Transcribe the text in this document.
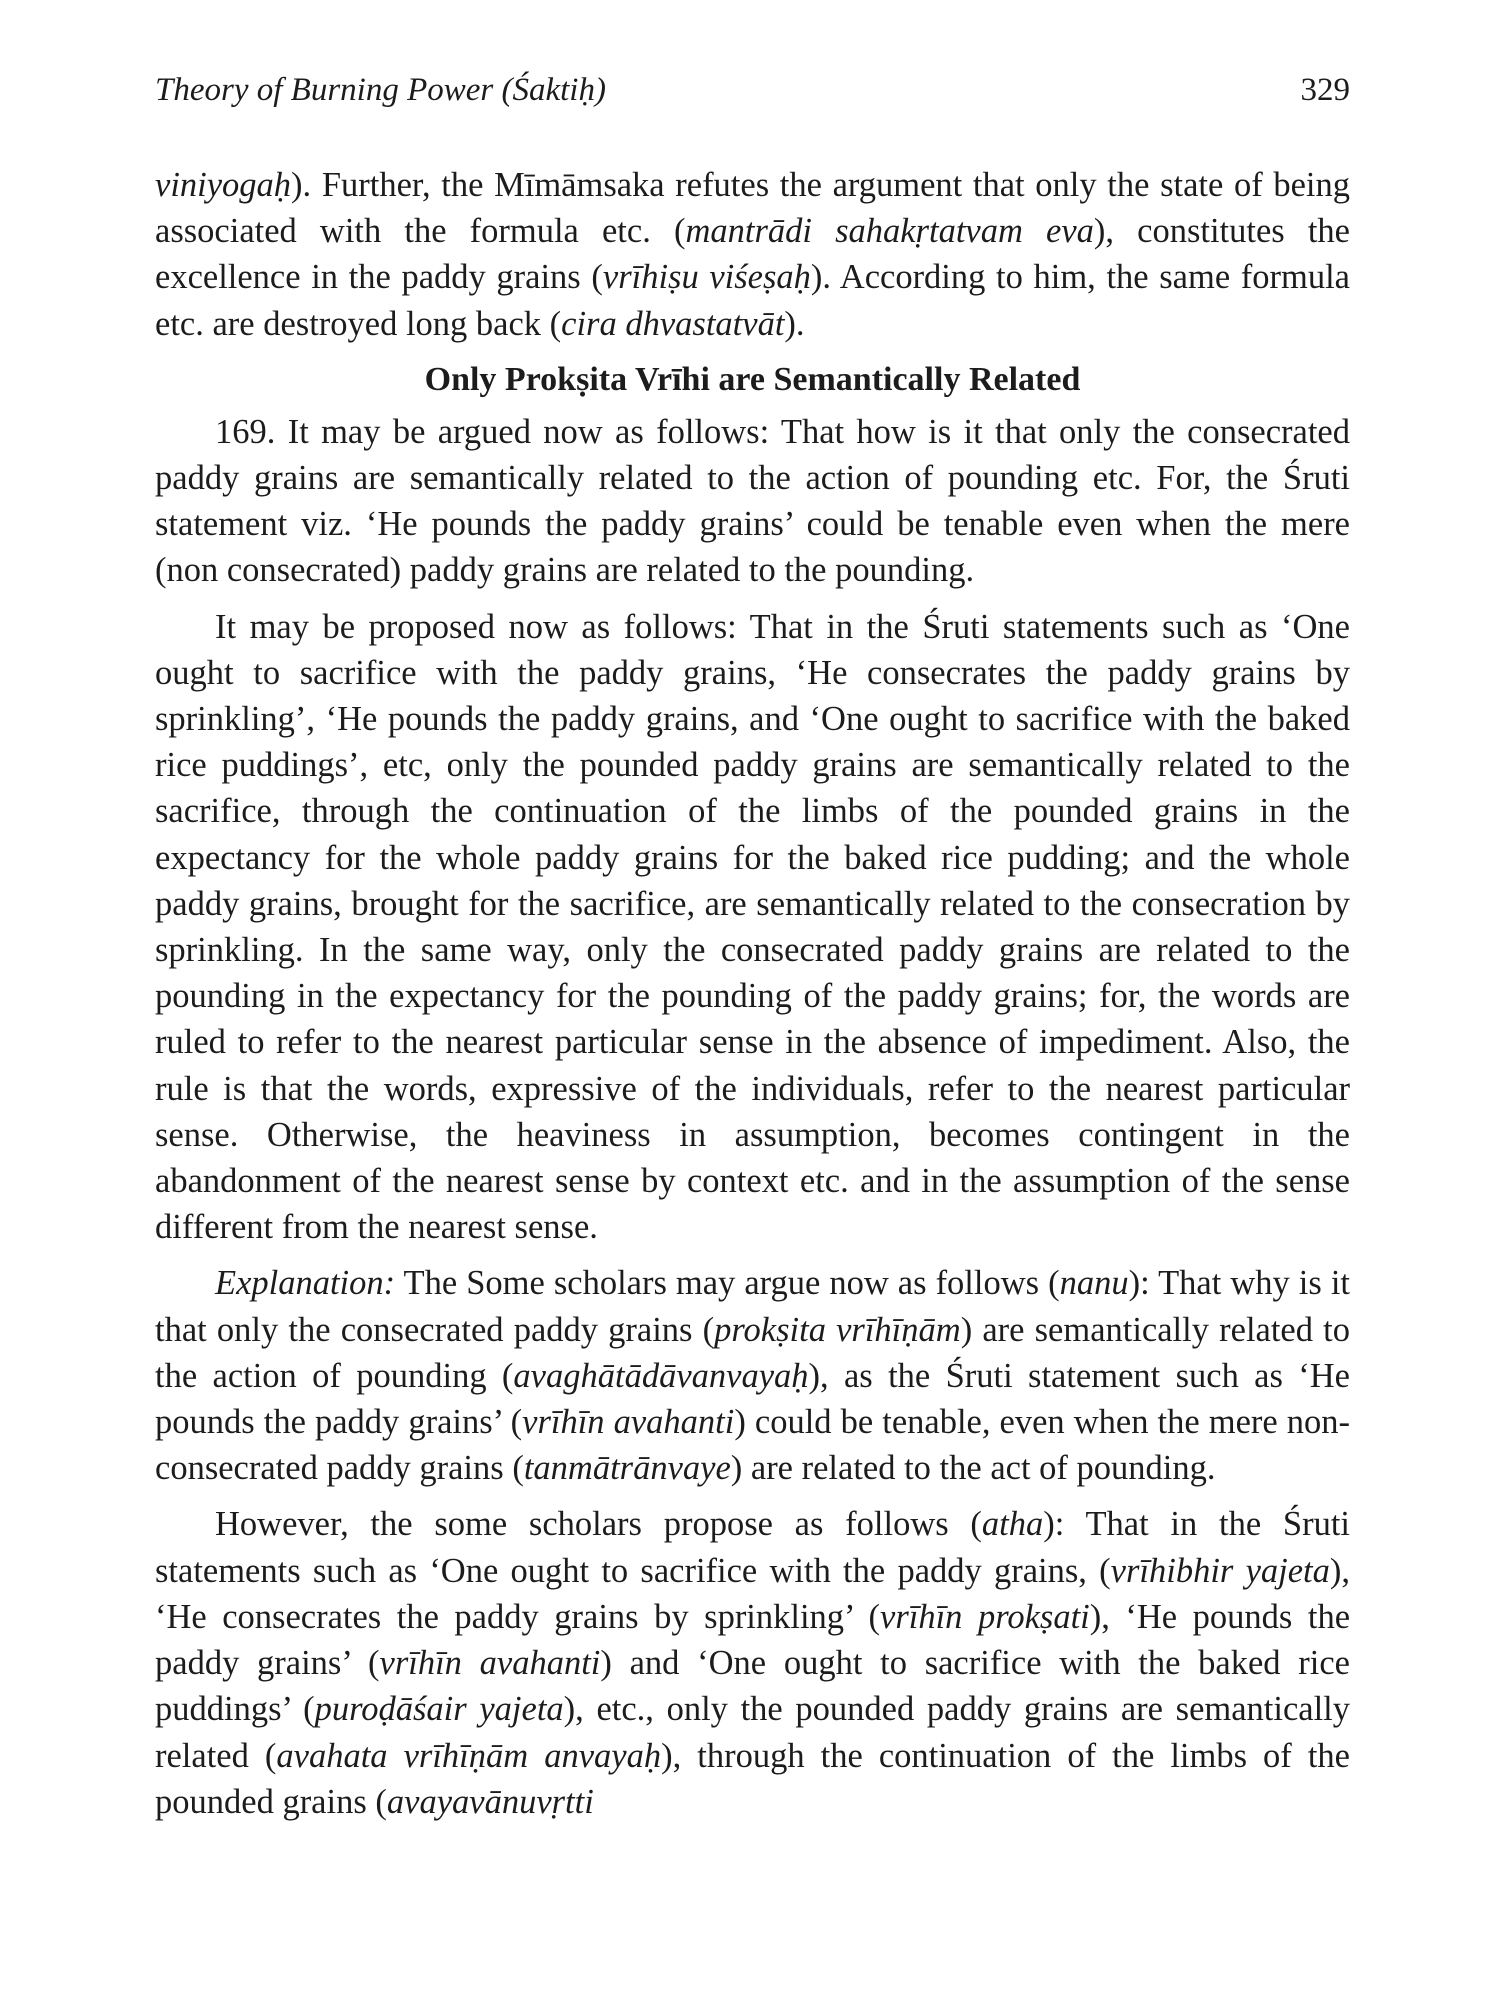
Theory of Burning Power (Śaktiḥ)	329

viniyogaḥ). Further, the Mīmāmsaka refutes the argument that only the state of being associated with the formula etc. (mantrādi sahakṛtatvam eva), constitutes the excellence in the paddy grains (vrīhiṣu viśeṣaḥ). According to him, the same formula etc. are destroyed long back (cira dhvastatvāt).

Only Prokṣita Vrīhi are Semantically Related

169. It may be argued now as follows: That how is it that only the consecrated paddy grains are semantically related to the action of pounding etc. For, the Śruti statement viz. ‘He pounds the paddy grains’ could be tenable even when the mere (non consecrated) paddy grains are related to the pounding.

It may be proposed now as follows: That in the Śruti statements such as ‘One ought to sacrifice with the paddy grains, ‘He consecrates the paddy grains by sprinkling’, ‘He pounds the paddy grains, and ‘One ought to sacrifice with the baked rice puddings’, etc, only the pounded paddy grains are semantically related to the sacrifice, through the continuation of the limbs of the pounded grains in the expectancy for the whole paddy grains for the baked rice pudding; and the whole paddy grains, brought for the sacrifice, are semantically related to the consecration by sprinkling. In the same way, only the consecrated paddy grains are related to the pounding in the expectancy for the pounding of the paddy grains; for, the words are ruled to refer to the nearest particular sense in the absence of impediment. Also, the rule is that the words, expressive of the individuals, refer to the nearest particular sense. Otherwise, the heaviness in assumption, becomes contingent in the abandonment of the nearest sense by context etc. and in the assumption of the sense different from the nearest sense.

Explanation: The Some scholars may argue now as follows (nanu): That why is it that only the consecrated paddy grains (prokṣita vrīhīṇām) are semantically related to the action of pounding (avaghātādāvanvayaḥ), as the Śruti statement such as ‘He pounds the paddy grains’ (vrīhīn avahanti) could be tenable, even when the mere non-consecrated paddy grains (tanmātrānvaye) are related to the act of pounding.

However, the some scholars propose as follows (atha): That in the Śruti statements such as ‘One ought to sacrifice with the paddy grains, (vrīhibhir yajeta), ‘He consecrates the paddy grains by sprinkling’ (vrīhīn prokṣati), ‘He pounds the paddy grains’ (vrīhīn avahanti) and ‘One ought to sacrifice with the baked rice puddings’ (puroḍāśair yajeta), etc., only the pounded paddy grains are semantically related (avahata vrīhīṇām anvayaḥ), through the continuation of the limbs of the pounded grains (avayavānuvṛtti
